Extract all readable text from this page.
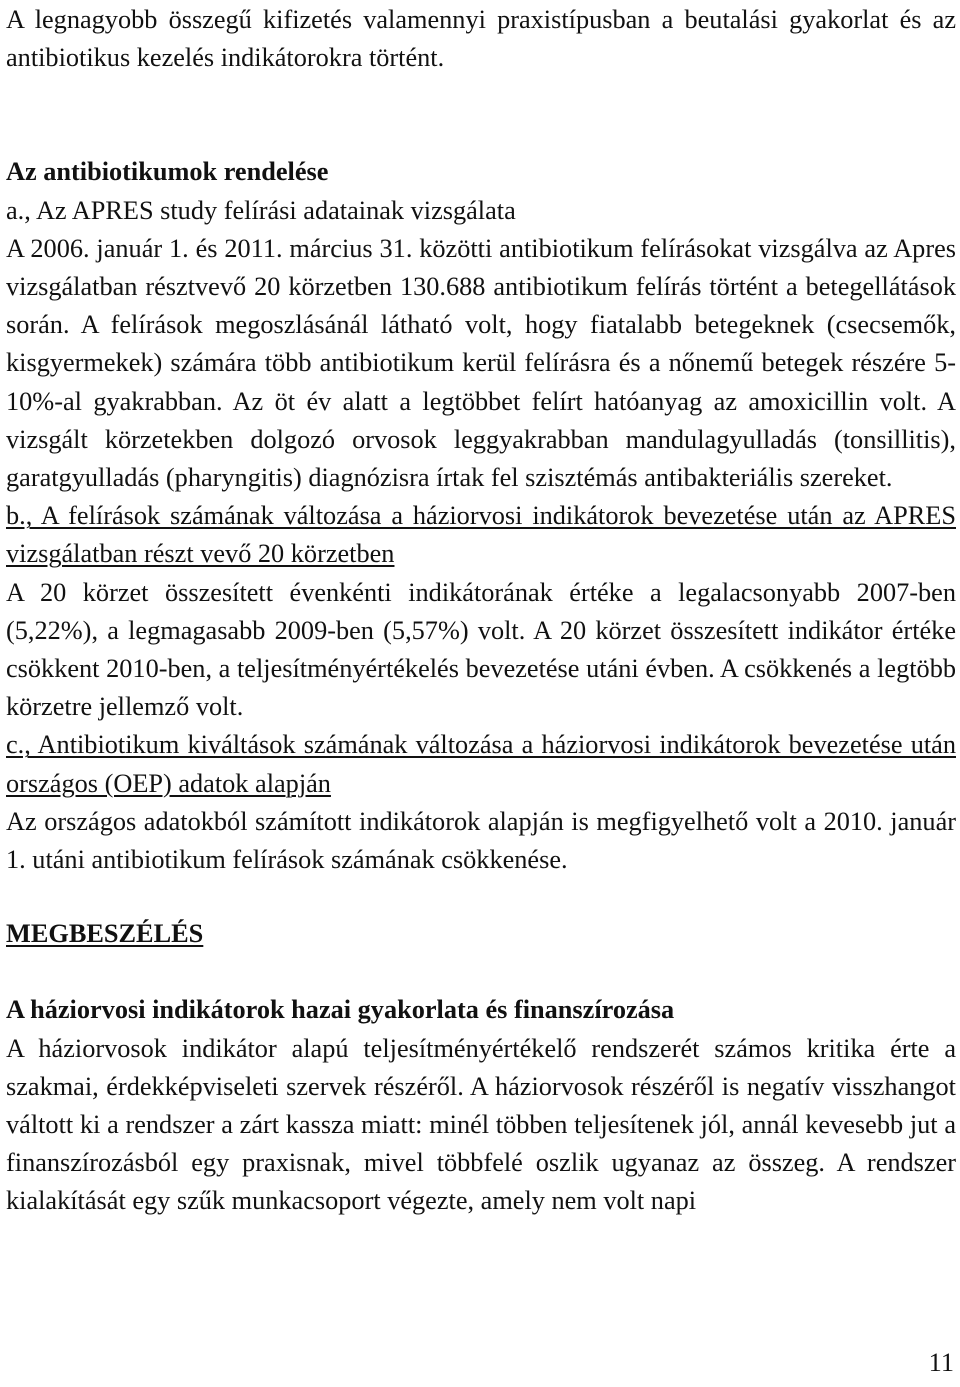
A legnagyobb összegű kifizetés valamennyi praxistípusban a beutalási gyakorlat és az antibiotikus kezelés indikátorokra történt.

Az antibiotikumok rendelése

a., Az APRES study felírási adatainak vizsgálata

A 2006. január 1. és 2011. március 31. közötti antibiotikum felírásokat vizsgálva az Apres vizsgálatban résztvevő 20 körzetben 130.688 antibiotikum felírás történt a betegellátások során. A felírások megoszlásánál látható volt, hogy fiatalabb betegeknek (csecsemők, kisgyermekek) számára több antibiotikum kerül felírásra és a nőnemű betegek részére 5-10%-al gyakrabban. Az öt év alatt a legtöbbet felírt hatóanyag az amoxicillin volt. A vizsgált körzetekben dolgozó orvosok leggyakrabban mandulagyulladás (tonsillitis), garatgyulladás (pharyngitis) diagnózisra írtak fel szisztémás antibakteriális szereket.

b., A felírások számának változása a háziorvosi indikátorok bevezetése után az APRES vizsgálatban részt vevő 20 körzetben

A 20 körzet összesített évenkénti indikátorának értéke a legalacsonyabb 2007-ben (5,22%), a legmagasabb 2009-ben (5,57%) volt. A 20 körzet összesített indikátor értéke csökkent 2010-ben, a teljesítményértékelés bevezetése utáni évben. A csökkenés a legtöbb körzetre jellemző volt.

c., Antibiotikum kiváltások számának változása a háziorvosi indikátorok bevezetése után országos (OEP) adatok alapján

Az országos adatokból számított indikátorok alapján is megfigyelhető volt a 2010. január 1. utáni antibiotikum felírások számának csökkenése.

MEGBESZÉLÉS

A háziorvosi indikátorok hazai gyakorlata és finanszírozása

A háziorvosok indikátor alapú teljesítményértékelő rendszerét számos kritika érte a szakmai, érdekképviseleti szervek részéről. A háziorvosok részéről is negatív visszhangot váltott ki a rendszer a zárt kassza miatt: minél többen teljesítenek jól, annál kevesebb jut a finanszírozásból egy praxisnak, mivel többfelé oszlik ugyanaz az összeg. A rendszer kialakítását egy szűk munkacsoport végezte, amely nem volt napi

11
